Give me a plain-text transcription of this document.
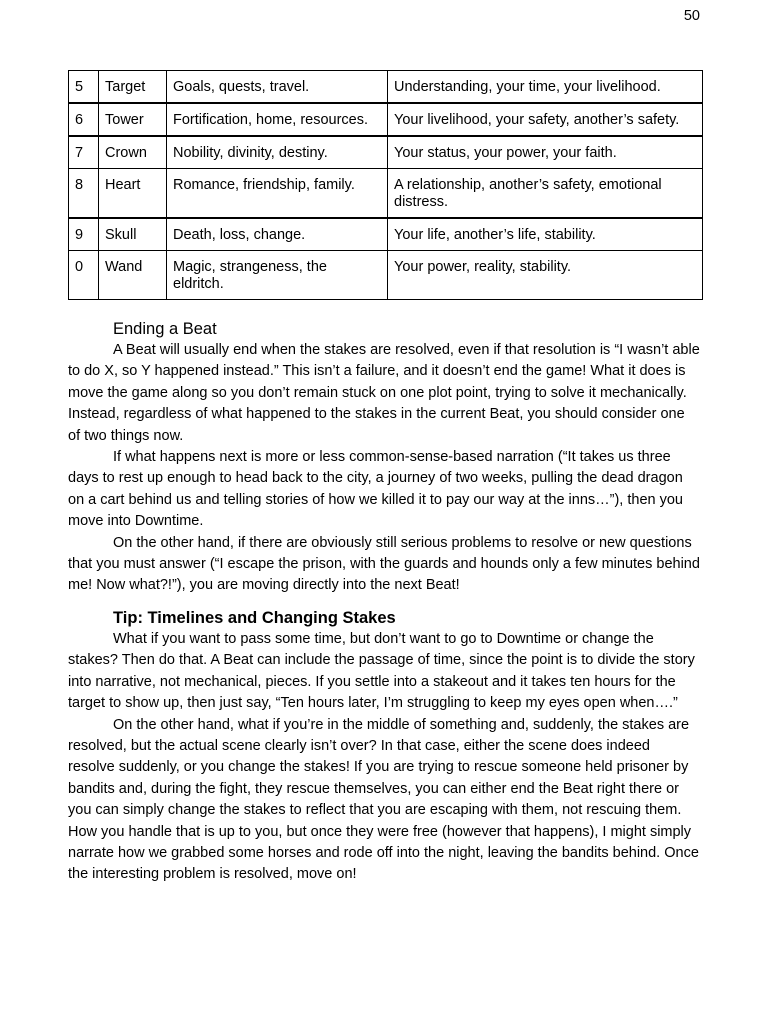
50
5	Target	Goals, quests, travel.	Understanding, your time, your livelihood.
6	Tower	Fortification, home, resources.	Your livelihood, your safety, another’s safety.
7	Crown	Nobility, divinity, destiny.	Your status, your power, your faith.
8	Heart	Romance, friendship, family.	A relationship, another’s safety, emotional distress.
9	Skull	Death, loss, change.	Your life, another’s life, stability.
0	Wand	Magic, strangeness, the eldritch.	Your power, reality, stability.
Ending a Beat

A Beat will usually end when the stakes are resolved, even if that resolution is “I wasn’t able to do X, so Y happened instead.” This isn’t a failure, and it doesn’t end the game! What it does is move the game along so you don’t remain stuck on one plot point, trying to solve it mechanically. Instead, regardless of what happened to the stakes in the current Beat, you should consider one of two things now.

If what happens next is more or less common-sense-based narration (“It takes us three days to rest up enough to head back to the city, a journey of two weeks, pulling the dead dragon on a cart behind us and telling stories of how we killed it to pay our way at the inns…”), then you move into Downtime.

On the other hand, if there are obviously still serious problems to resolve or new questions that you must answer (“I escape the prison, with the guards and hounds only a few minutes behind me! Now what?!”), you are moving directly into the next Beat!

Tip: Timelines and Changing Stakes

What if you want to pass some time, but don’t want to go to Downtime or change the stakes? Then do that. A Beat can include the passage of time, since the point is to divide the story into narrative, not mechanical, pieces. If you settle into a stakeout and it takes ten hours for the target to show up, then just say, “Ten hours later, I’m struggling to keep my eyes open when….”

On the other hand, what if you’re in the middle of something and, suddenly, the stakes are resolved, but the actual scene clearly isn’t over? In that case, either the scene does indeed resolve suddenly, or you change the stakes! If you are trying to rescue someone held prisoner by bandits and, during the fight, they rescue themselves, you can either end the Beat right there or you can simply change the stakes to reflect that you are escaping with them, not rescuing them. How you handle that is up to you, but once they were free (however that happens), I might simply narrate how we grabbed some horses and rode off into the night, leaving the bandits behind. Once the interesting problem is resolved, move on!
